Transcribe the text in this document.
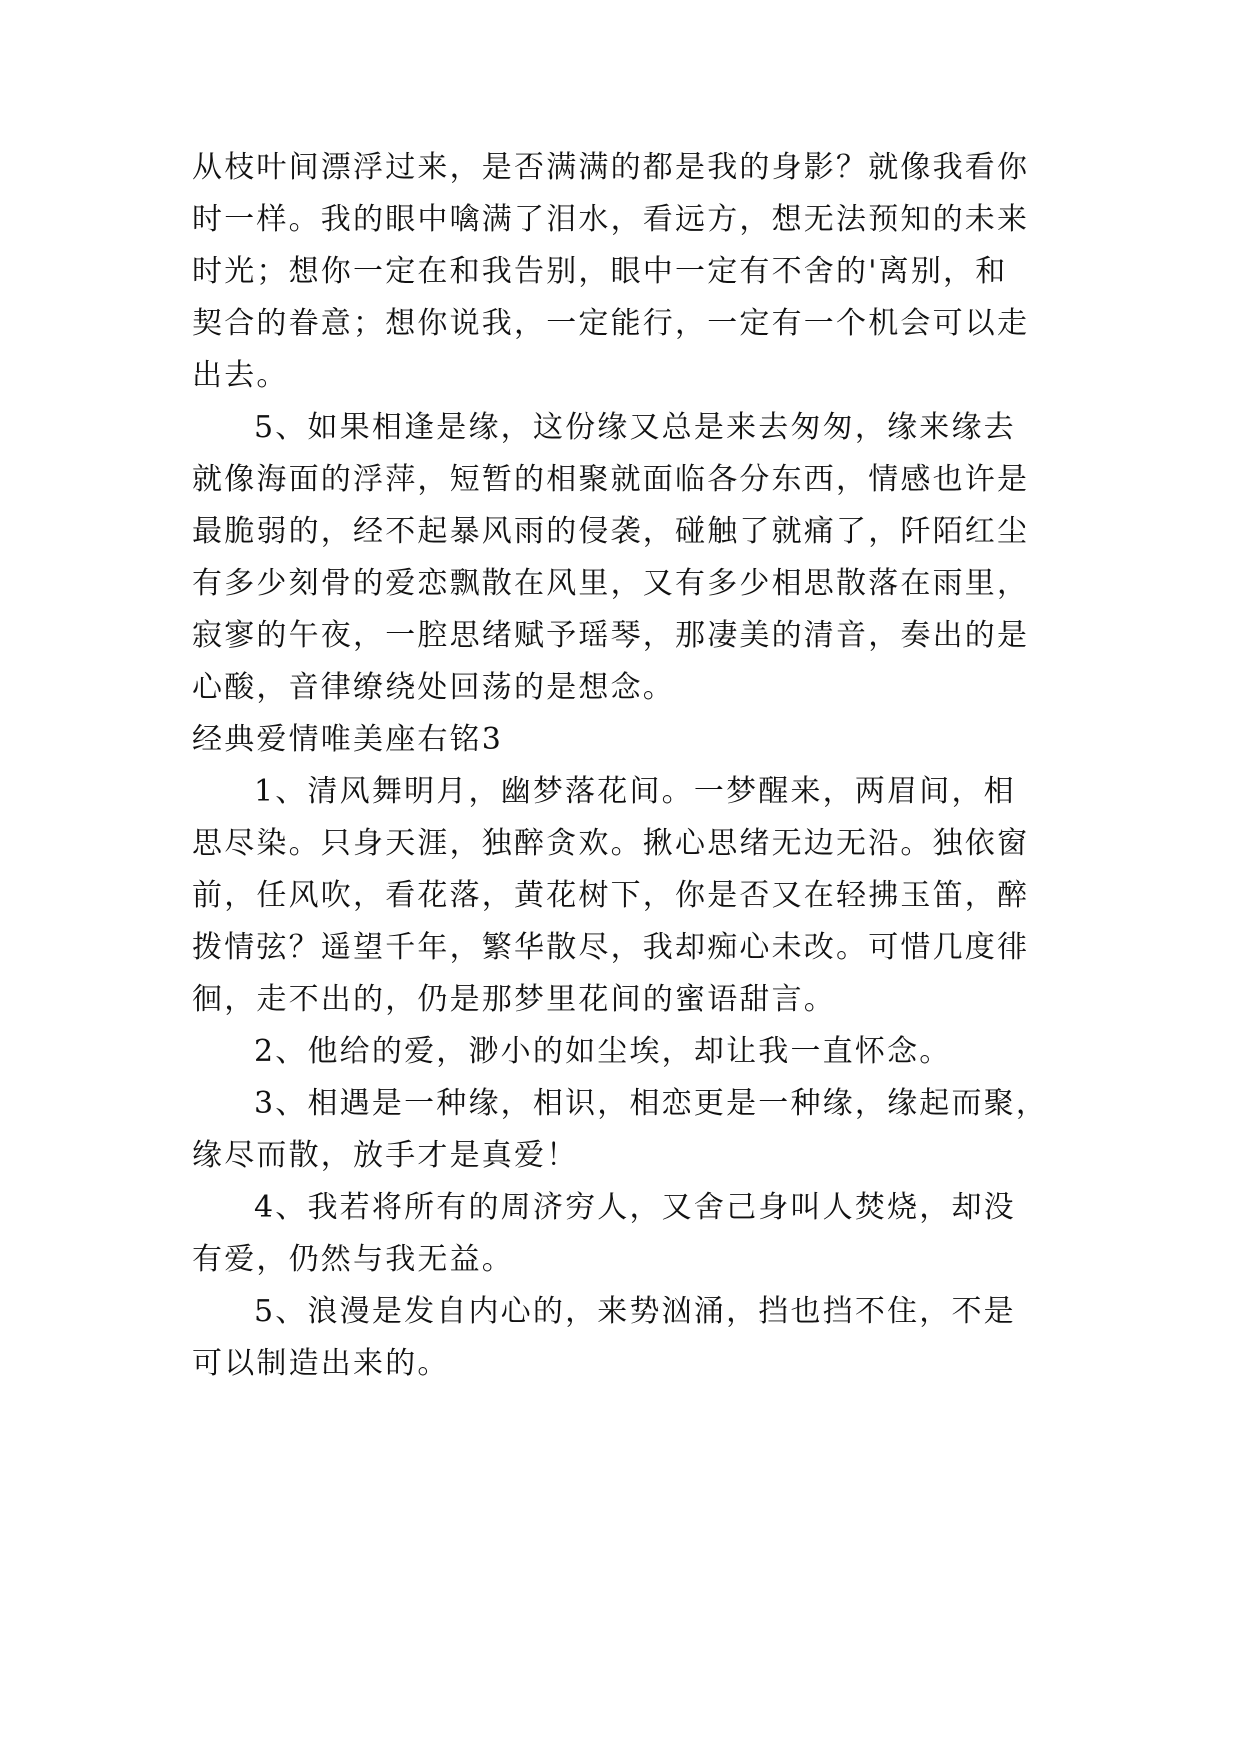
从枝叶间漂浮过来，是否满满的都是我的身影？就像我看你
时一样。我的眼中噙满了泪水，看远方，想无法预知的未来
时光；想你一定在和我告别，眼中一定有不舍的'离别，和
契合的眷意；想你说我，一定能行，一定有一个机会可以走
出去。
5、如果相逢是缘，这份缘又总是来去匆匆，缘来缘去
就像海面的浮萍，短暂的相聚就面临各分东西，情感也许是
最脆弱的，经不起暴风雨的侵袭，碰触了就痛了，阡陌红尘
有多少刻骨的爱恋飘散在风里，又有多少相思散落在雨里，
寂寥的午夜，一腔思绪赋予瑶琴，那凄美的清音，奏出的是
心酸，音律缭绕处回荡的是想念。
经典爱情唯美座右铭3
1、清风舞明月，幽梦落花间。一梦醒来，两眉间，相
思尽染。只身天涯，独醉贪欢。揪心思绪无边无沿。独依窗
前，任风吹，看花落，黄花树下，你是否又在轻拂玉笛，醉
拨情弦？遥望千年，繁华散尽，我却痴心未改。可惜几度徘
徊，走不出的，仍是那梦里花间的蜜语甜言。
2、他给的爱，渺小的如尘埃，却让我一直怀念。
3、相遇是一种缘，相识，相恋更是一种缘，缘起而聚，
缘尽而散，放手才是真爱！
4、我若将所有的周济穷人，又舍己身叫人焚烧，却没
有爱，仍然与我无益。
5、浪漫是发自内心的，来势汹涌，挡也挡不住，不是
可以制造出来的。
